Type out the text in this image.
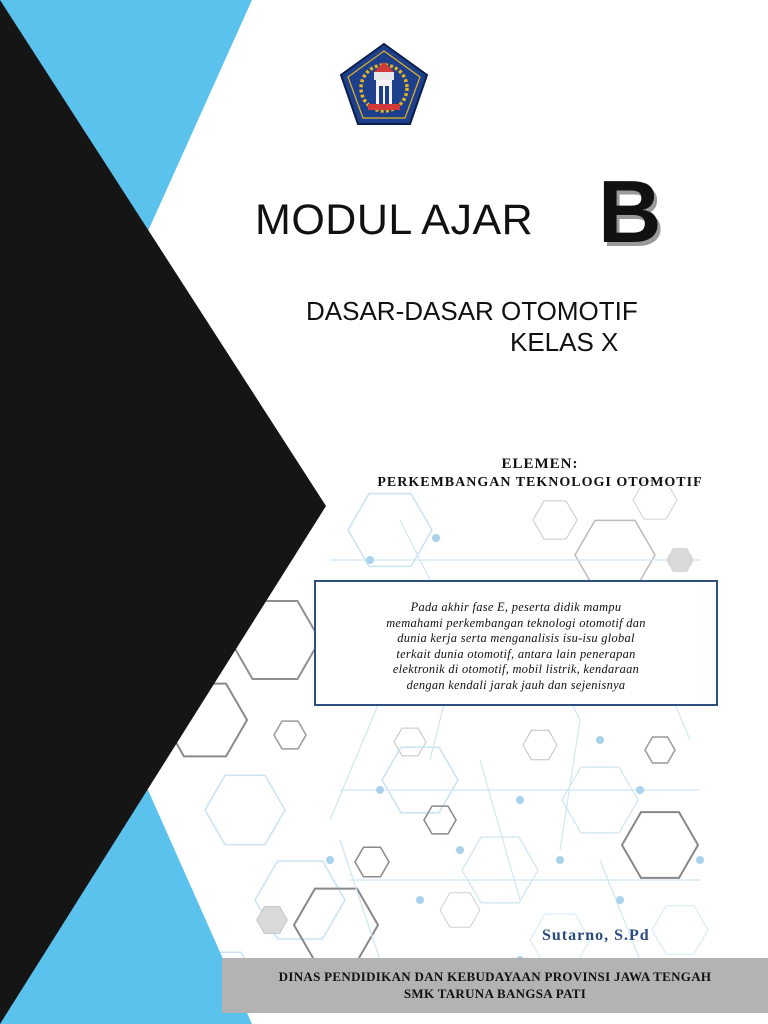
MODUL AJAR B
DASAR-DASAR OTOMOTIF
KELAS X
ELEMEN:
PERKEMBANGAN TEKNOLOGI OTOMOTIF
Pada akhir fase E, peserta didik mampu
memahami perkembangan teknologi otomotif dan
dunia kerja serta menganalisis isu-isu global
terkait dunia otomotif, antara lain penerapan
elektronik di otomotif, mobil listrik, kendaraan
dengan kendali jarak jauh dan sejenisnya
Sutarno, S.Pd
DINAS PENDIDIKAN DAN KEBUDAYAAN PROVINSI JAWA TENGAH
SMK TARUNA BANGSA PATI
